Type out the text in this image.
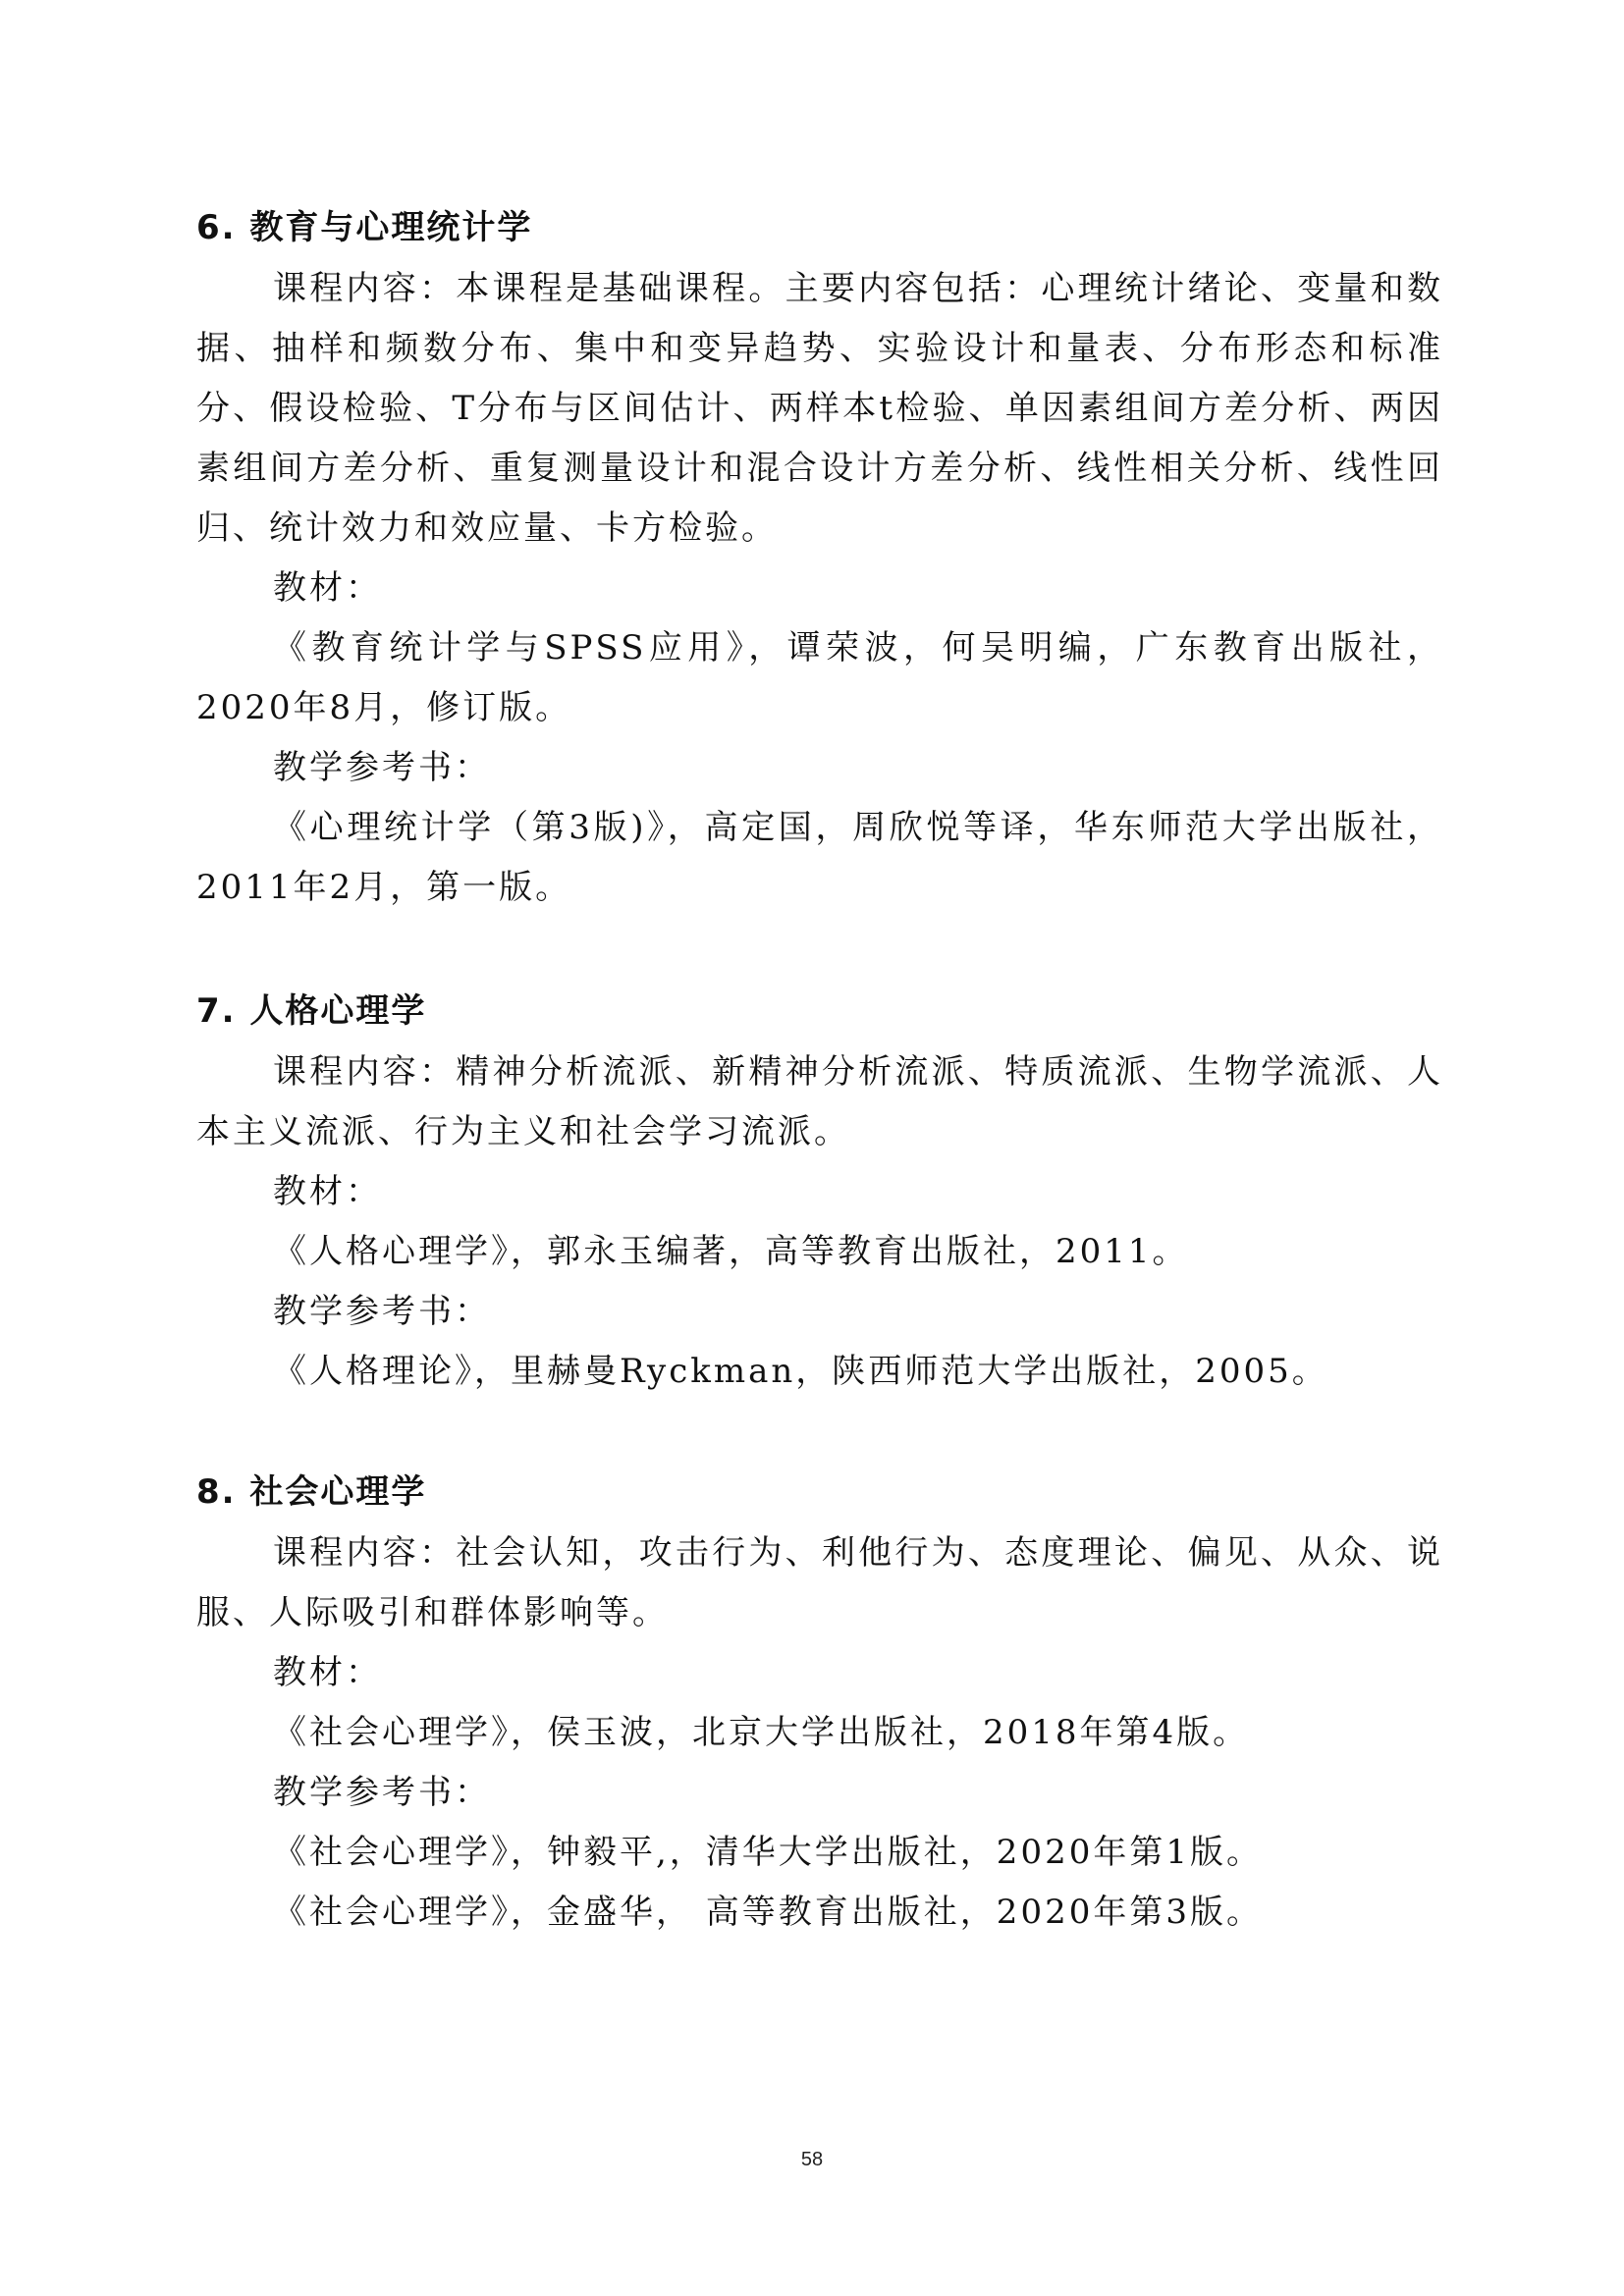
6. 教育与心理统计学

课程内容：本课程是基础课程。主要内容包括：心理统计绪论、变量和数据、抽样和频数分布、集中和变异趋势、实验设计和量表、分布形态和标准分、假设检验、T分布与区间估计、两样本t检验、单因素组间方差分析、两因素组间方差分析、重复测量设计和混合设计方差分析、线性相关分析、线性回归、统计效力和效应量、卡方检验。

教材：

《教育统计学与SPSS应用》，谭荣波，何吴明编，广东教育出版社，2020年8月，修订版。

教学参考书：

《心理统计学（第3版)》，高定国，周欣悦等译，华东师范大学出版社，2011年2月，第一版。

7. 人格心理学

课程内容：精神分析流派、新精神分析流派、特质流派、生物学流派、人本主义流派、行为主义和社会学习流派。

教材：

《人格心理学》，郭永玉编著，高等教育出版社，2011。

教学参考书：

《人格理论》，里赫曼Ryckman，陕西师范大学出版社，2005。

8. 社会心理学

课程内容：社会认知，攻击行为、利他行为、态度理论、偏见、从众、说服、人际吸引和群体影响等。

教材：

《社会心理学》，侯玉波，北京大学出版社，2018年第4版。

教学参考书：

《社会心理学》，钟毅平,，清华大学出版社，2020年第1版。

《社会心理学》，金盛华， 高等教育出版社，2020年第3版。

58
